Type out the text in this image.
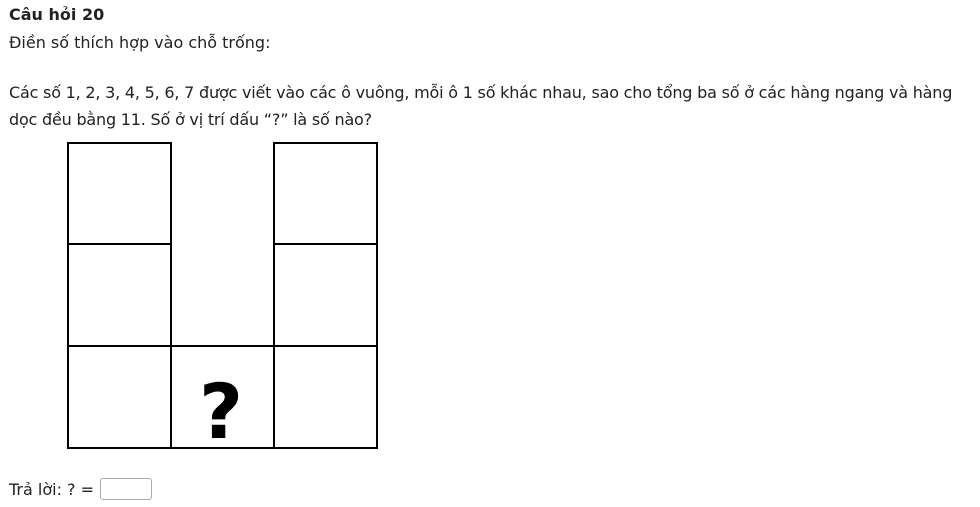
Câu hỏi 20
Điền số thích hợp vào chỗ trống:
Các số 1, 2, 3, 4, 5, 6, 7 được viết vào các ô vuông, mỗi ô 1 số khác nhau, sao cho tổng ba số ở các hàng ngang và hàng dọc đều bằng 11. Số ở vị trí dấu “?” là số nào?
?
Trả lời: ? =
